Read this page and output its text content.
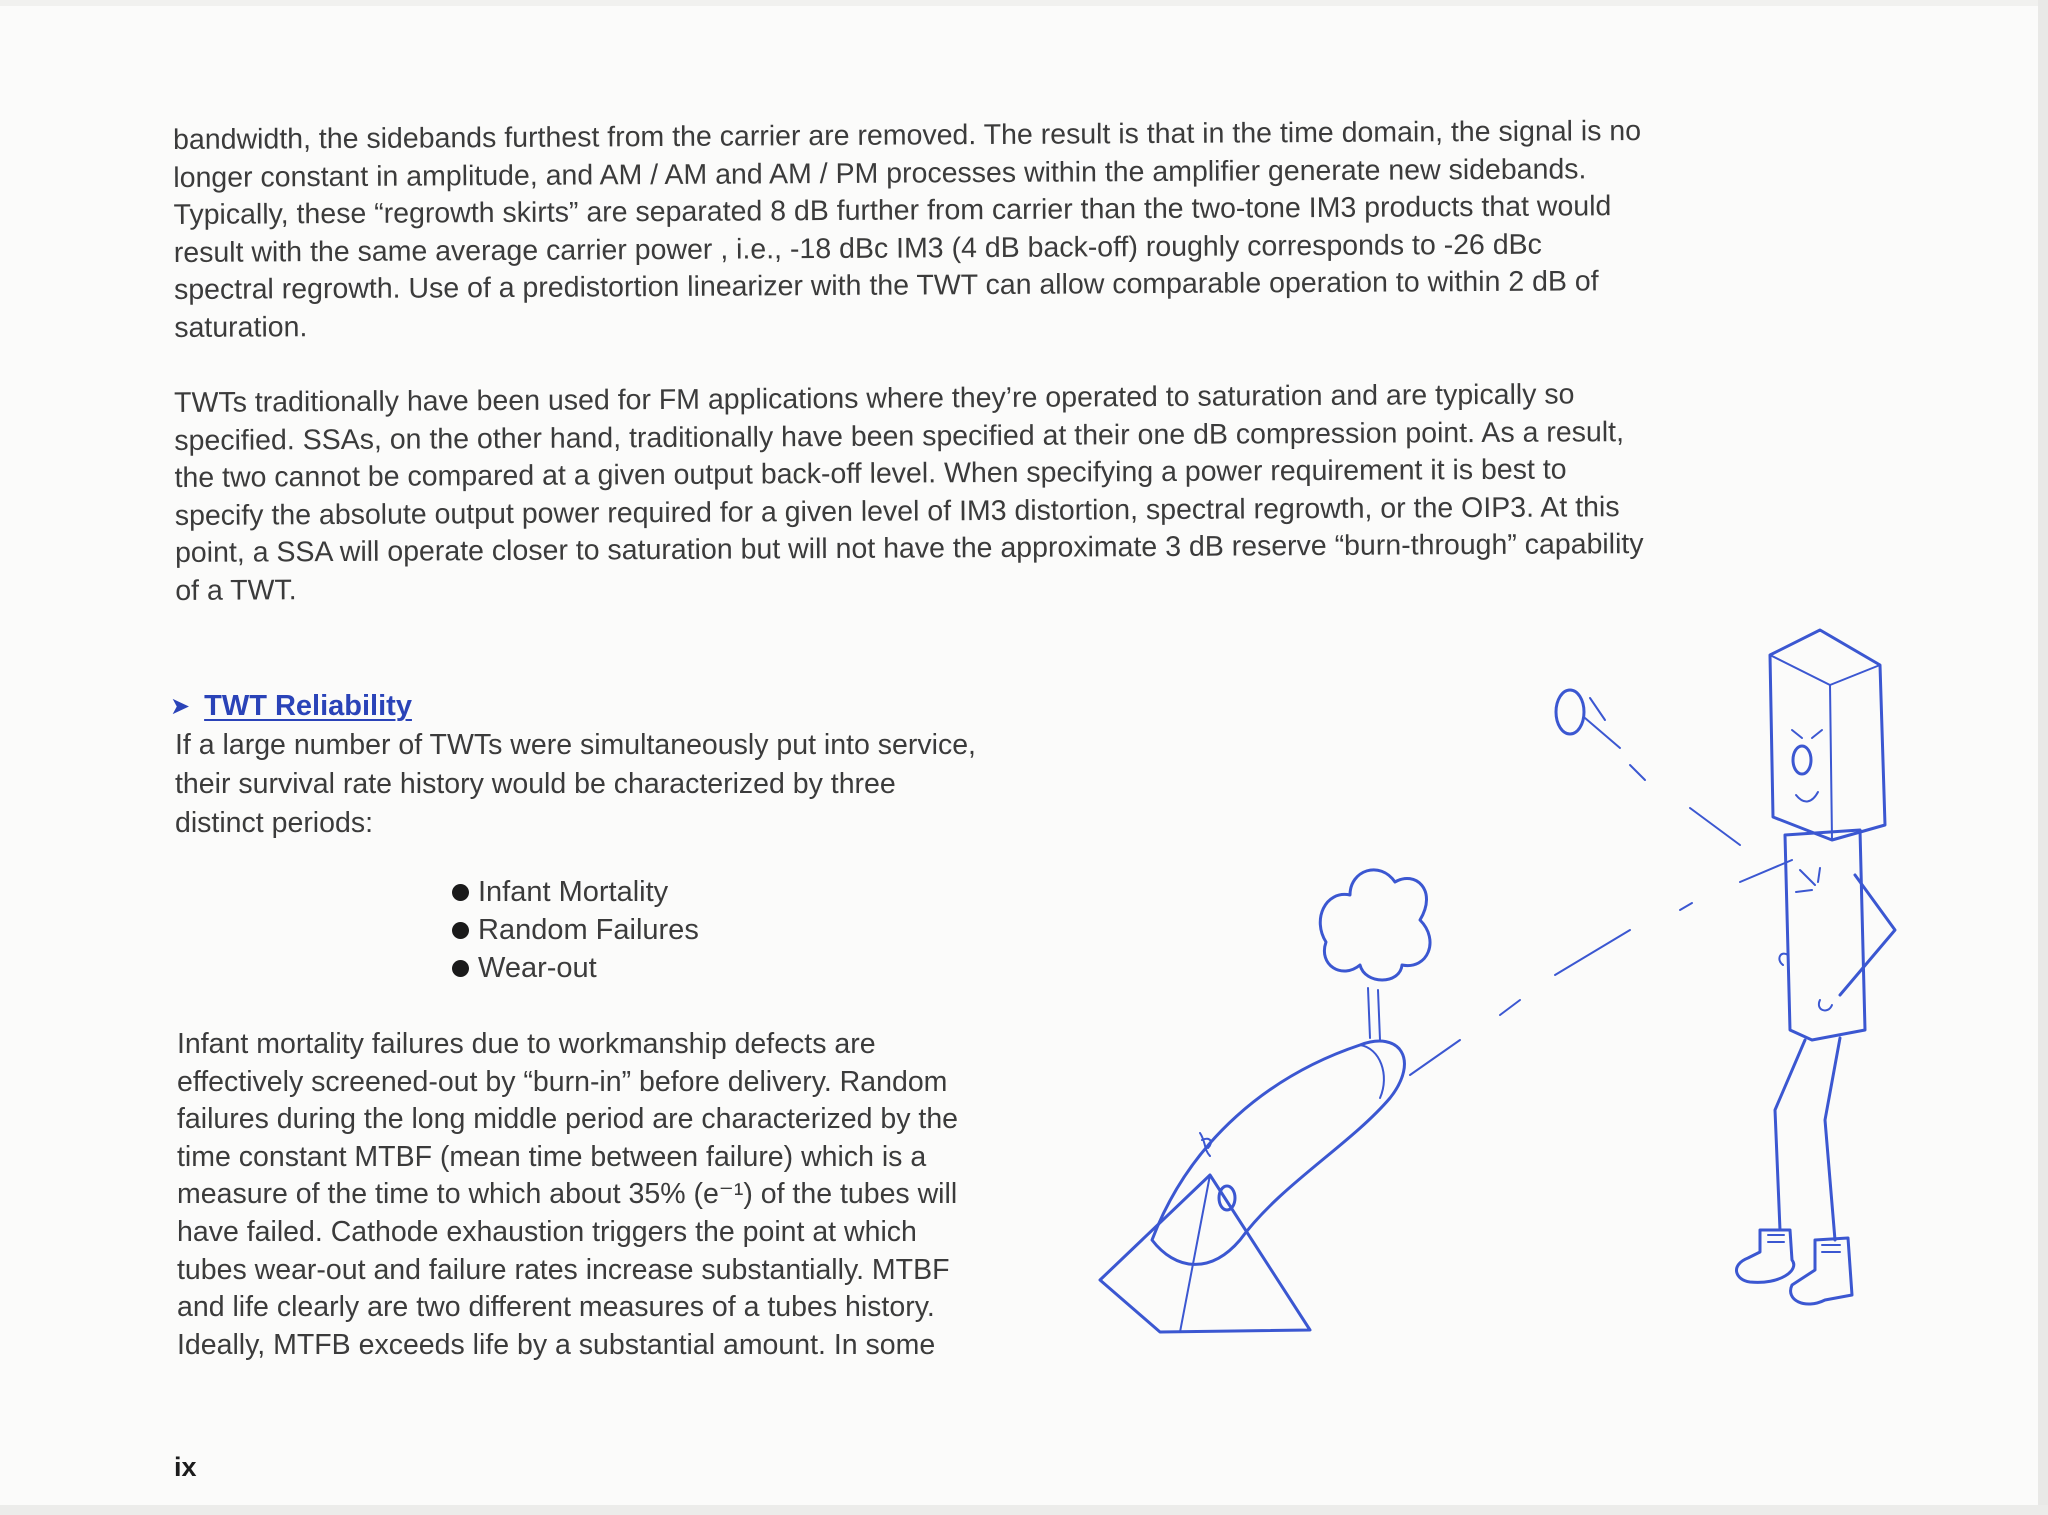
bandwidth, the sidebands furthest from the carrier are removed. The result is that in the time domain, the signal is no
longer constant in amplitude, and AM / AM and AM / PM processes within the amplifier generate new sidebands.
Typically, these “regrowth skirts” are separated 8 dB further from carrier than the two-tone IM3 products that would
result with the same average carrier power , i.e., -18 dBc IM3 (4 dB back-off) roughly corresponds to -26 dBc
spectral regrowth. Use of a predistortion linearizer with the TWT can allow comparable operation to within 2 dB of
saturation.

TWTs traditionally have been used for FM applications where they’re operated to saturation and are typically so
specified. SSAs, on the other hand, traditionally have been specified at their one dB compression point. As a result,
the two cannot be compared at a given output back-off level. When specifying a power requirement it is best to
specify the absolute output power required for a given level of IM3 distortion, spectral regrowth, or the OIP3. At this
point, a SSA will operate closer to saturation but will not have the approximate 3 dB reserve “burn-through” capability
of a TWT.

➤ TWT Reliability

If a large number of TWTs were simultaneously put into service,
their survival rate history would be characterized by three
distinct periods:

Infant Mortality
Random Failures
Wear-out

Infant mortality failures due to workmanship defects are
effectively screened-out by “burn-in” before delivery. Random
failures during the long middle period are characterized by the
time constant MTBF (mean time between failure) which is a
measure of the time to which about 35% (e⁻¹) of the tubes will
have failed. Cathode exhaustion triggers the point at which
tubes wear-out and failure rates increase substantially. MTBF
and life clearly are two different measures of a tubes history.
Ideally, MTFB exceeds life by a substantial amount. In some

ix
